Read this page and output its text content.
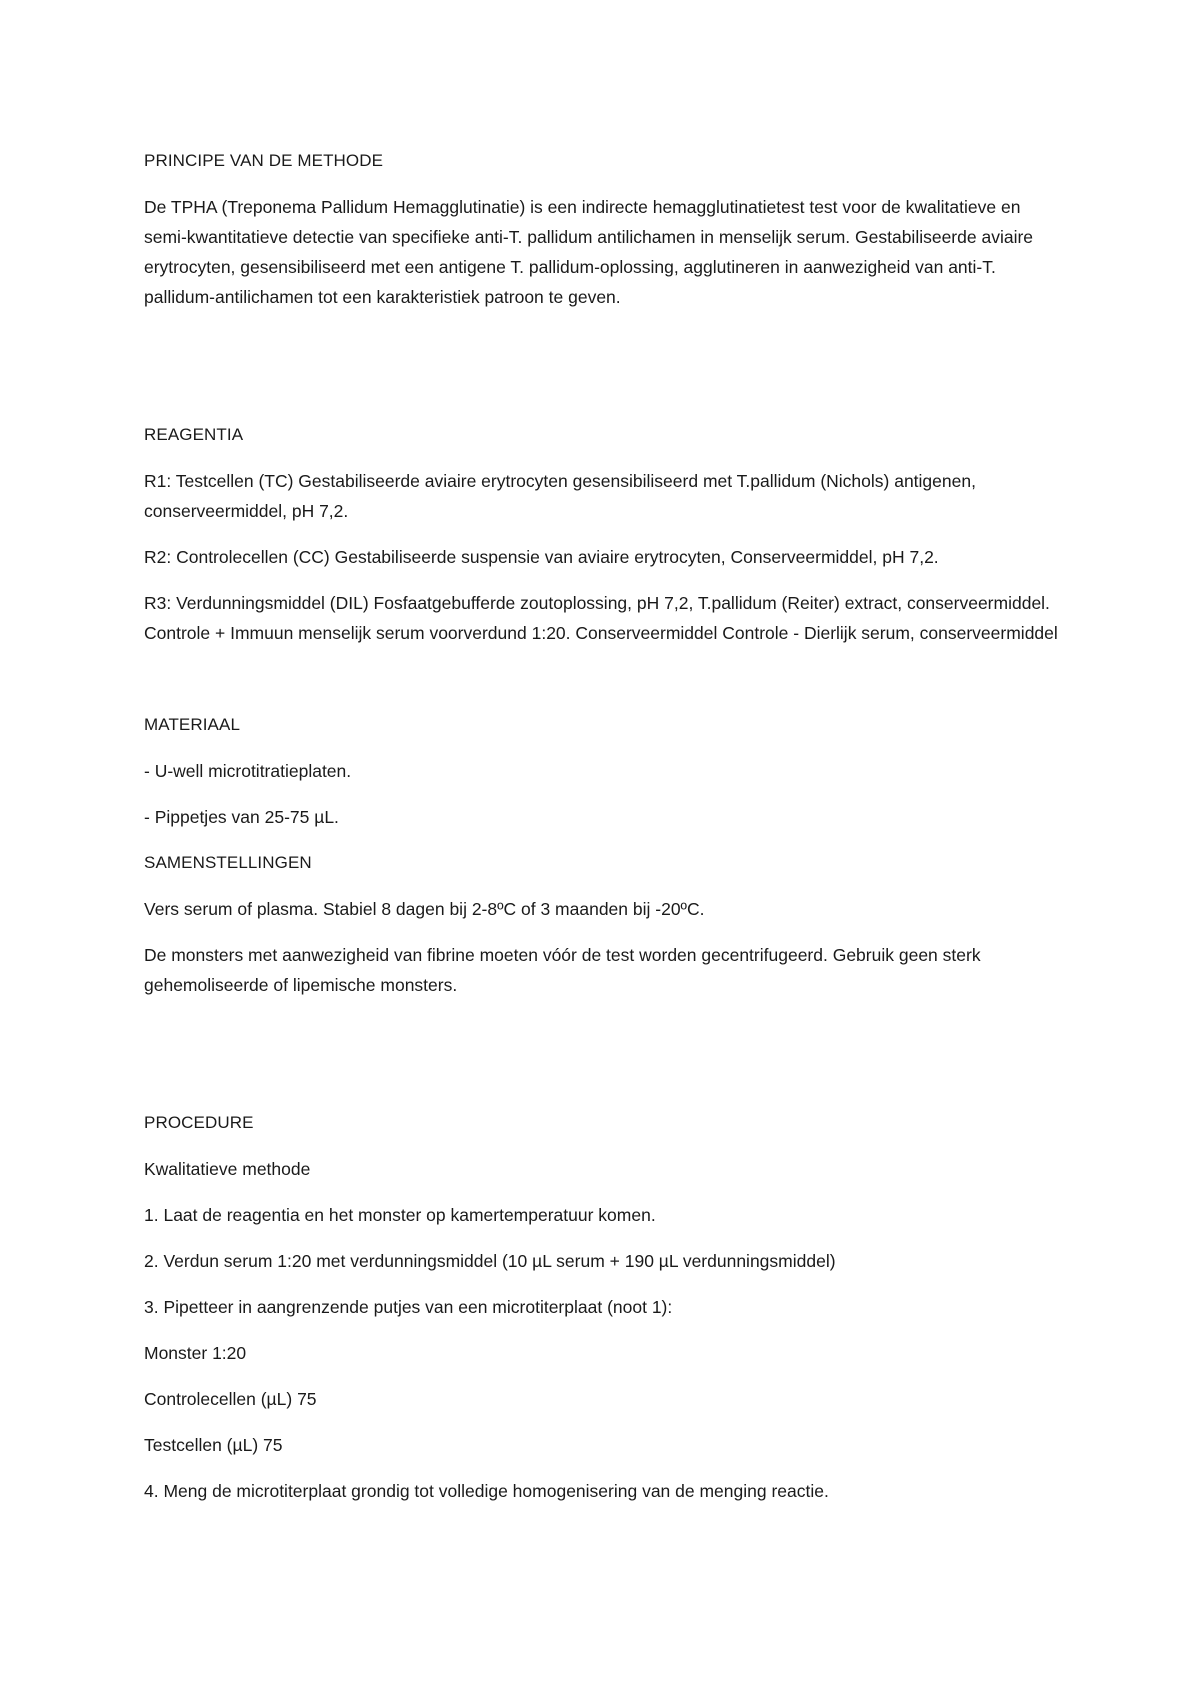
PRINCIPE VAN DE METHODE
De TPHA (Treponema Pallidum Hemagglutinatie) is een indirecte hemagglutinatietest test voor de kwalitatieve en semi-kwantitatieve detectie van specifieke anti-T. pallidum antilichamen in menselijk serum. Gestabiliseerde aviaire erytrocyten, gesensibiliseerd met een antigene T. pallidum-oplossing, agglutineren in aanwezigheid van anti-T. pallidum-antilichamen tot een karakteristiek patroon te geven.
REAGENTIA
R1: Testcellen (TC) Gestabiliseerde aviaire erytrocyten gesensibiliseerd met T.pallidum (Nichols) antigenen, conserveermiddel, pH 7,2.
R2: Controlecellen (CC) Gestabiliseerde suspensie van aviaire erytrocyten, Conserveermiddel, pH 7,2.
R3: Verdunningsmiddel (DIL) Fosfaatgebufferde zoutoplossing, pH 7,2, T.pallidum (Reiter) extract, conserveermiddel. Controle + Immuun menselijk serum voorverdund 1:20. Conserveermiddel Controle - Dierlijk serum, conserveermiddel
MATERIAAL
- U-well microtitratieplaten.
- Pippetjes van 25-75 µL.
SAMENSTELLINGEN
Vers serum of plasma. Stabiel 8 dagen bij 2-8ºC of 3 maanden bij -20ºC.
De monsters met aanwezigheid van fibrine moeten vóór de test worden gecentrifugeerd. Gebruik geen sterk gehemoliseerde of lipemische monsters.
PROCEDURE
Kwalitatieve methode
1. Laat de reagentia en het monster op kamertemperatuur komen.
2. Verdun serum 1:20 met verdunningsmiddel (10 µL serum + 190 µL verdunningsmiddel)
3. Pipetteer in aangrenzende putjes van een microtiterplaat (noot 1):
Monster 1:20
Controlecellen (µL) 75
Testcellen (µL) 75
4. Meng de microtiterplaat grondig tot volledige homogenisering van de menging reactie.
